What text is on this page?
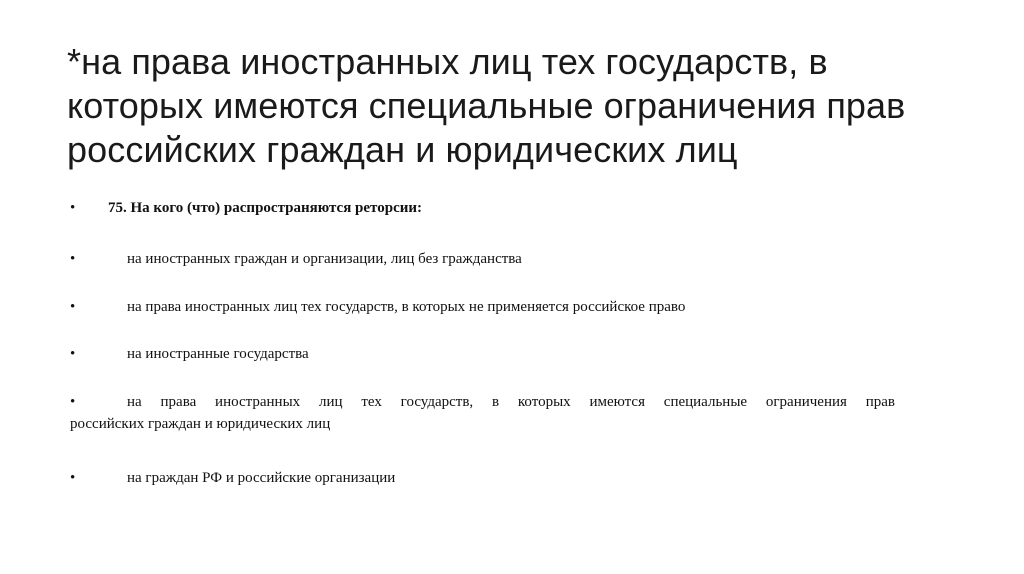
*на права иностранных лиц тех государств, в которых имеются специальные ограничения прав российских граждан и юридических лиц
• 75. На кого (что) распространяются реторсии:
•	на иностранных граждан и организации, лиц без гражданства
•	на права иностранных лиц тех государств, в которых не применяется российское право
•	на иностранные государства
•	на права иностранных лиц тех государств, в которых имеются специальные ограничения прав
российских граждан и юридических лиц
•	на граждан РФ и российские организации
